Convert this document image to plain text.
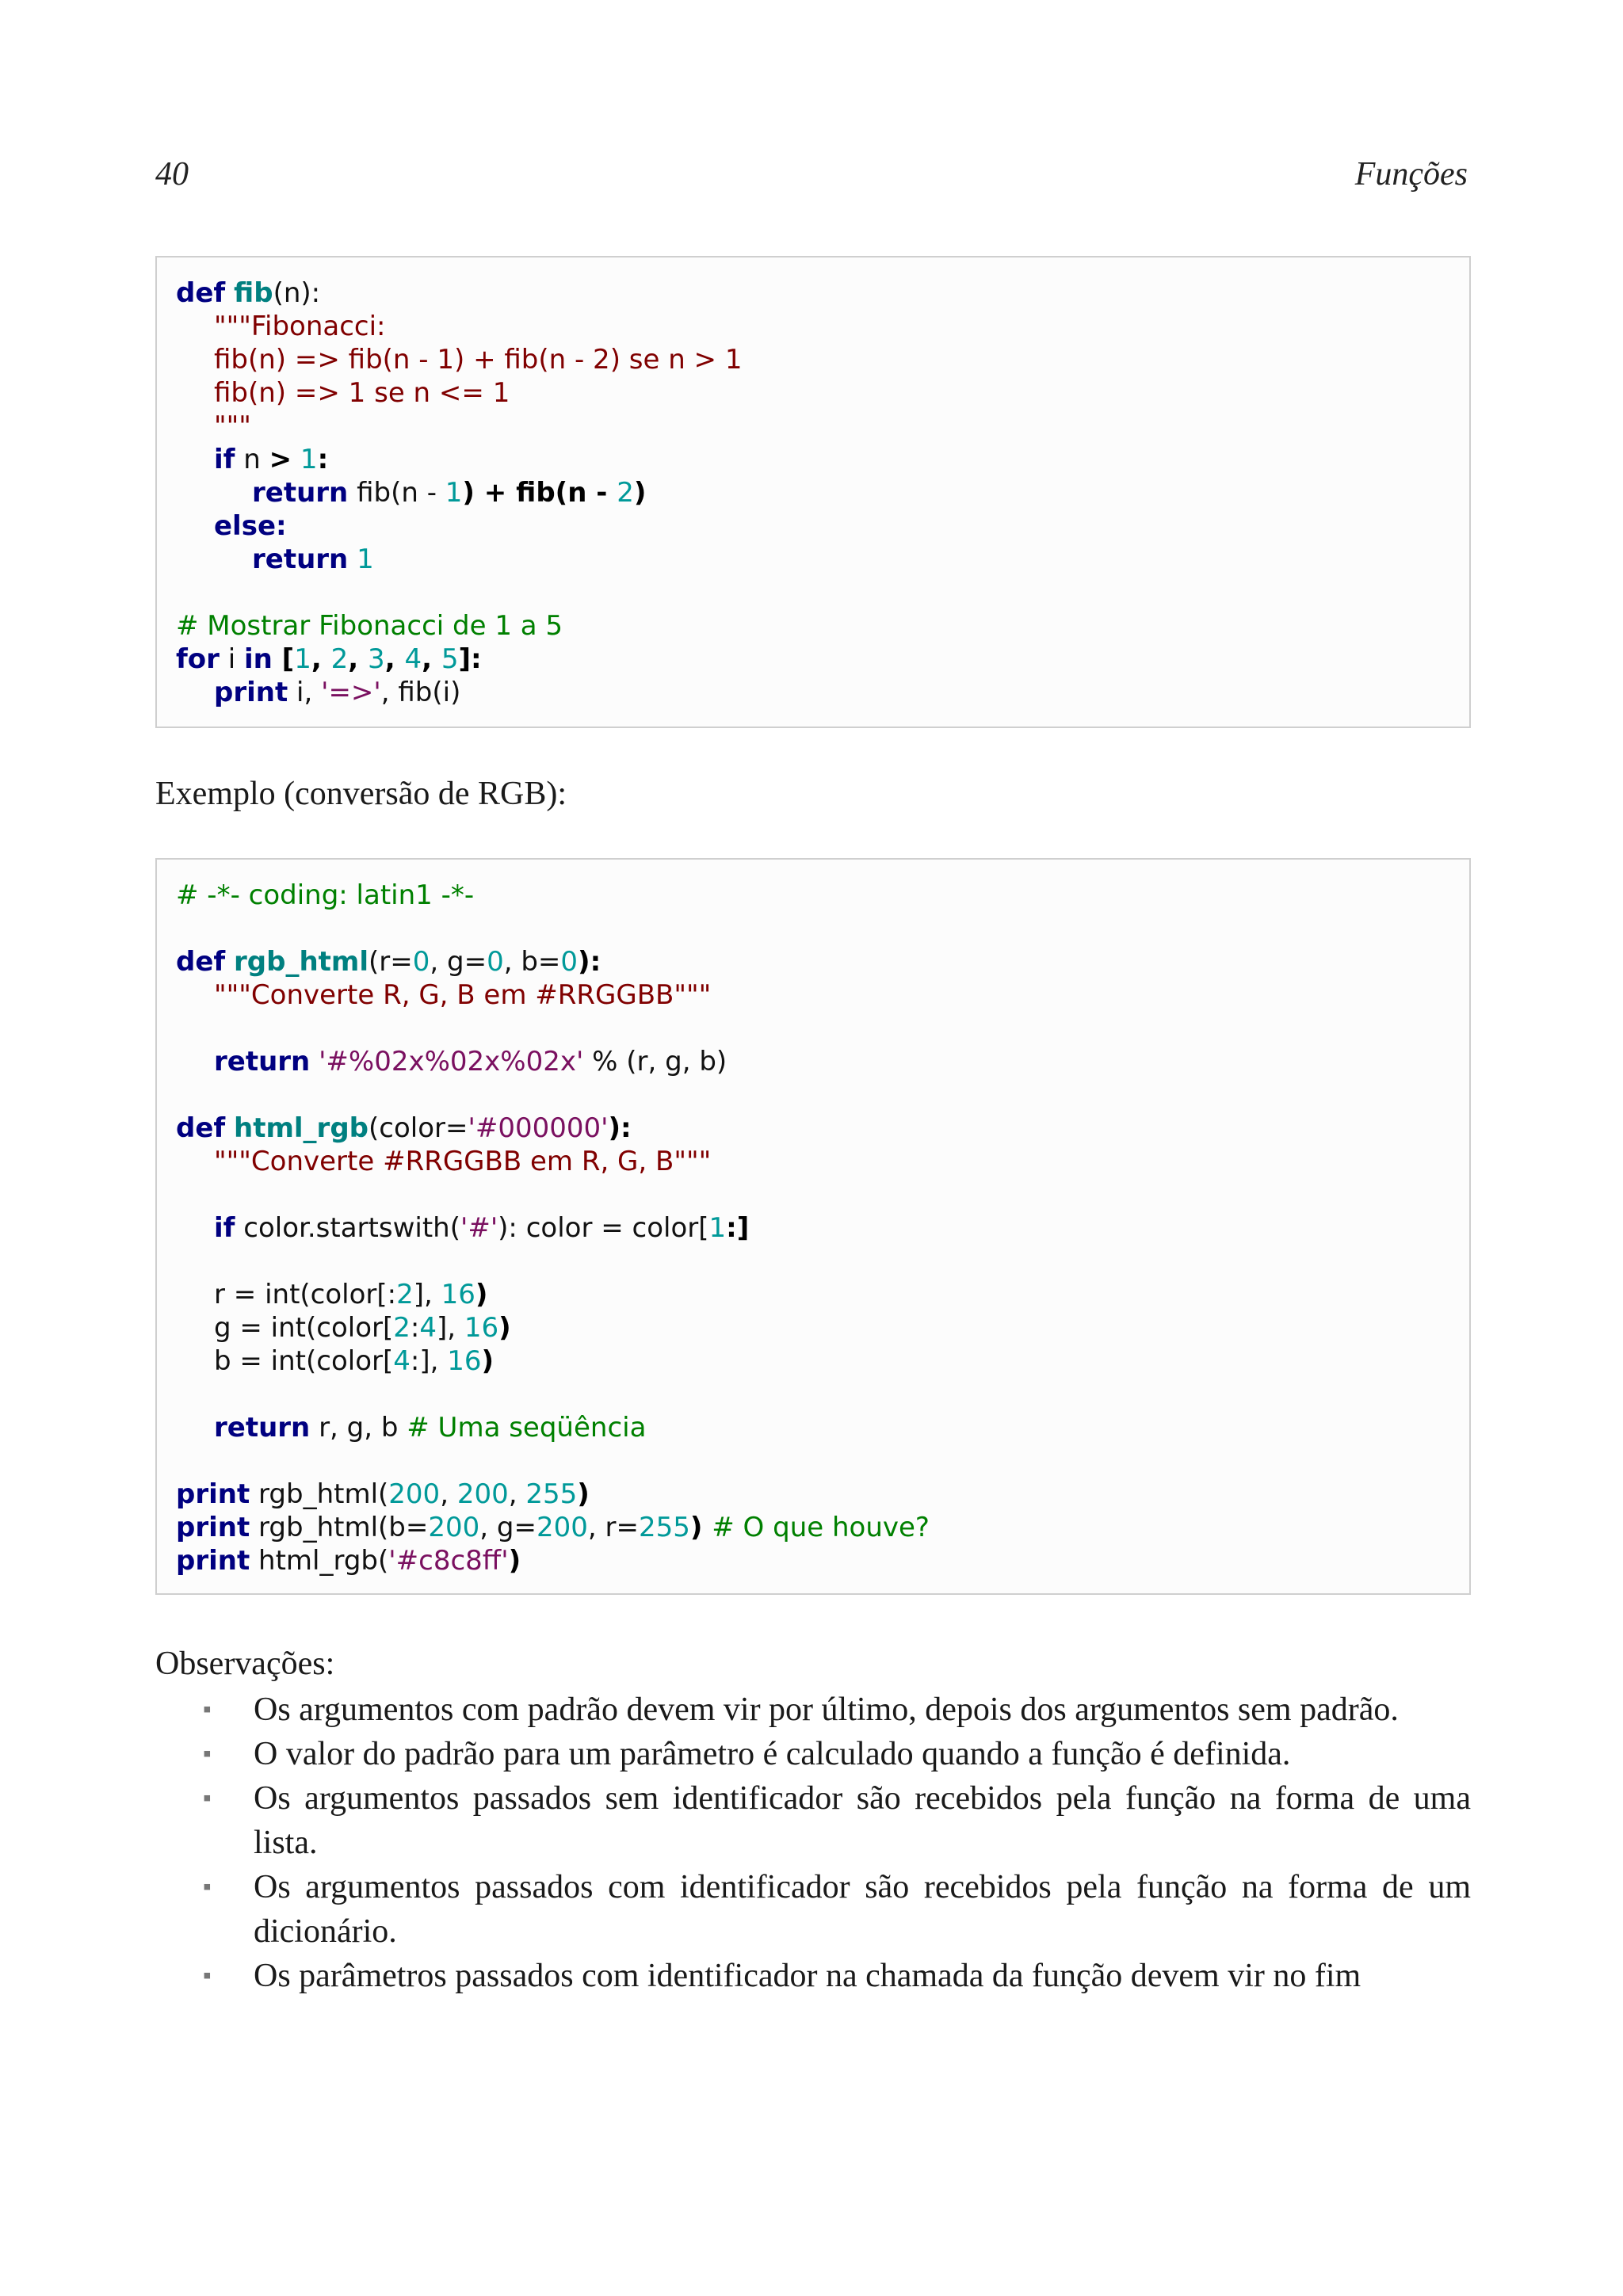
40	Funções
def fib(n):
"""Fibonacci:
fib(n) => fib(n - 1) + fib(n - 2) se n > 1
fib(n) => 1 se n <= 1
"""
if n > 1:
return fib(n - 1) + fib(n - 2)
else:
return 1
# Mostrar Fibonacci de 1 a 5
for i in [1, 2, 3, 4, 5]:
print i, '=>', fib(i)
Exemplo (conversão de RGB):
# -*- coding: latin1 -*-
def rgb_html(r=0, g=0, b=0):
"""Converte R, G, B em #RRGGBB"""
return '#%02x%02x%02x' % (r, g, b)
def html_rgb(color='#000000'):
"""Converte #RRGGBB em R, G, B"""
if color.startswith('#'): color = color[1:]
r = int(color[:2], 16)
g = int(color[2:4], 16)
b = int(color[4:], 16)
return r, g, b # Uma seqüência
print rgb_html(200, 200, 255)
print rgb_html(b=200, g=200, r=255) # O que houve?
print html_rgb('#c8c8ff')
Observações:
▪ Os argumentos com padrão devem vir por último, depois dos argumentos sem padrão.
▪ O valor do padrão para um parâmetro é calculado quando a função é definida.
▪ Os argumentos passados sem identificador são recebidos pela função na forma de uma lista.
▪ Os argumentos passados com identificador são recebidos pela função na forma de um dicionário.
▪ Os parâmetros passados com identificador na chamada da função devem vir no fim
